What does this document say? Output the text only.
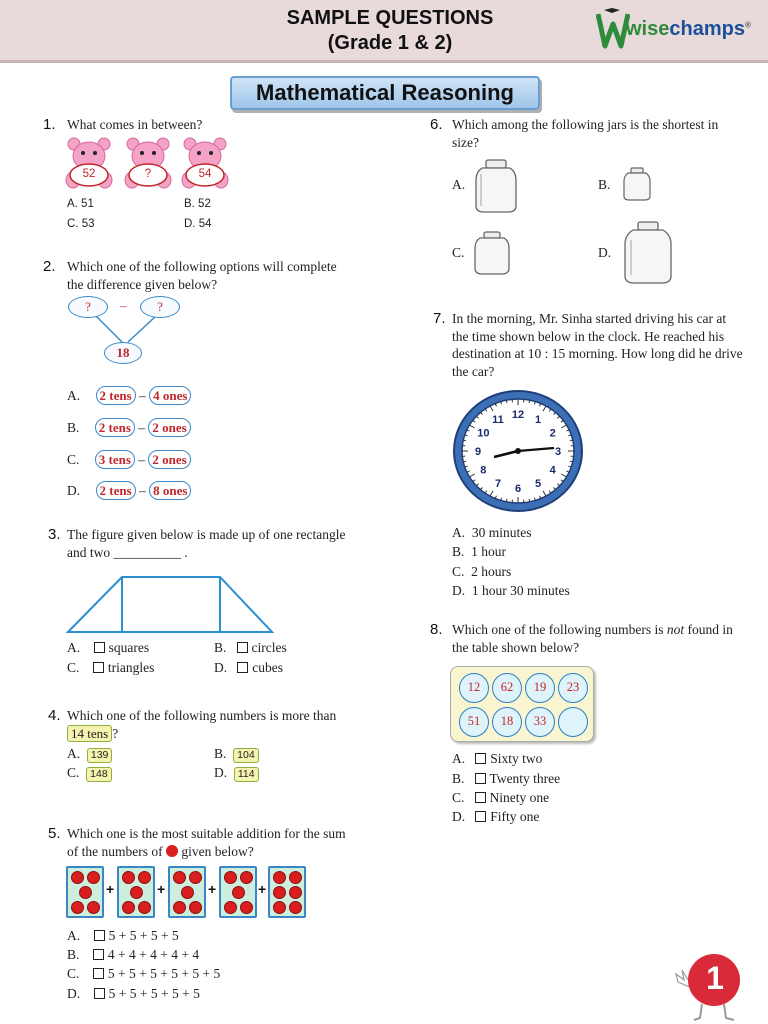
SAMPLE QUESTIONS
(Grade 1 & 2)
wisechamps®
Mathematical Reasoning
1. What comes in between?
52	?	54
A. 51	B. 52
C. 53	D. 54
2. Which one of the following options will complete
the difference given below?
?	–	?
18
A. 2 tens – 4 ones
B. 2 tens – 2 ones
C. 3 tens – 2 ones
D. 2 tens – 8 ones
3. The figure given below is made up of one rectangle
and two __________ .
A. squares	B. circles
C. triangles	D. cubes
4. Which one of the following numbers is more than
14 tens ?
A. 139	B. 104
C. 148	D. 114
5. Which one is the most suitable addition for the sum
of the numbers of given below?
+	+	+	+
A. 5 + 5 + 5 + 5
B. 4 + 4 + 4 + 4 + 4
C. 5 + 5 + 5 + 5 + 5 + 5
D. 5 + 5 + 5 + 5 + 5
6. Which among the following jars is the shortest in
size?
A.	B.
C.	D.
7. In the morning, Mr. Sinha started driving his car at
the time shown below in the clock. He reached his
destination at 10 : 15 morning. How long did he drive
the car?
12 1
2
3
4
5
6
7
8
9
10
11
A. 30 minutes
B. 1 hour
C. 2 hours
D. 1 hour 30 minutes
8. Which one of the following numbers is not found in
the table shown below?
12	62	19	23
51	18	33
A. Sixty two
B. Twenty three
C. Ninety one
D. Fifty one
1
